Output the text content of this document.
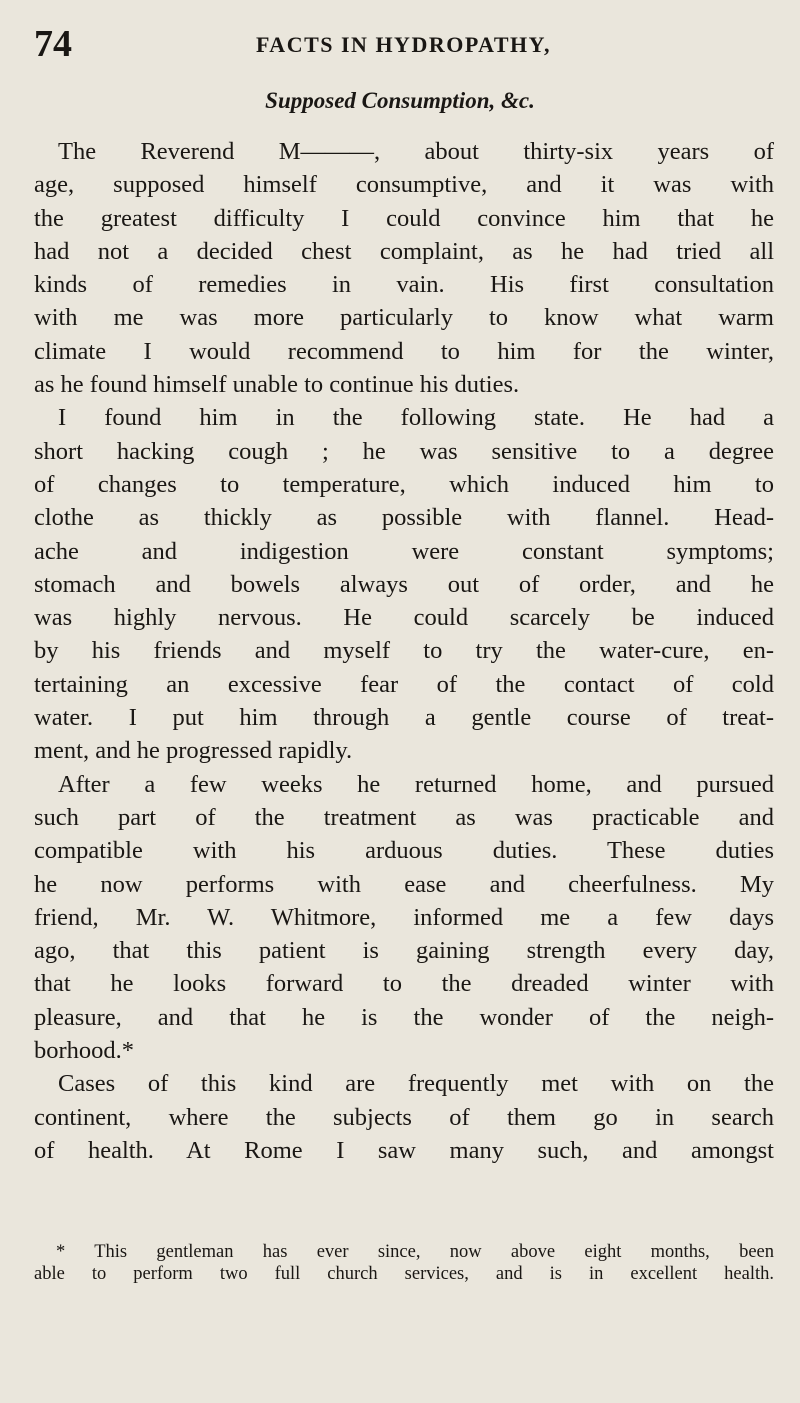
74	FACTS IN HYDROPATHY,
Supposed Consumption, &c.
The Reverend M———, about thirty-six years of
age, supposed himself consumptive, and it was with
the greatest difficulty I could convince him that he
had not a decided chest complaint, as he had tried all
kinds of remedies in vain. His first consultation
with me was more particularly to know what warm
climate I would recommend to him for the winter,
as he found himself unable to continue his duties.
I found him in the following state. He had a
short hacking cough ; he was sensitive to a degree
of changes to temperature, which induced him to
clothe as thickly as possible with flannel. Head-
ache and indigestion were constant symptoms;
stomach and bowels always out of order, and he
was highly nervous. He could scarcely be induced
by his friends and myself to try the water-cure, en-
tertaining an excessive fear of the contact of cold
water. I put him through a gentle course of treat-
ment, and he progressed rapidly.
After a few weeks he returned home, and pursued
such part of the treatment as was practicable and
compatible with his arduous duties. These duties
he now performs with ease and cheerfulness. My
friend, Mr. W. Whitmore, informed me a few days
ago, that this patient is gaining strength every day,
that he looks forward to the dreaded winter with
pleasure, and that he is the wonder of the neigh-
borhood.*
Cases of this kind are frequently met with on the
continent, where the subjects of them go in search
of health. At Rome I saw many such, and amongst
* This gentleman has ever since, now above eight months, been
able to perform two full church services, and is in excellent health.
